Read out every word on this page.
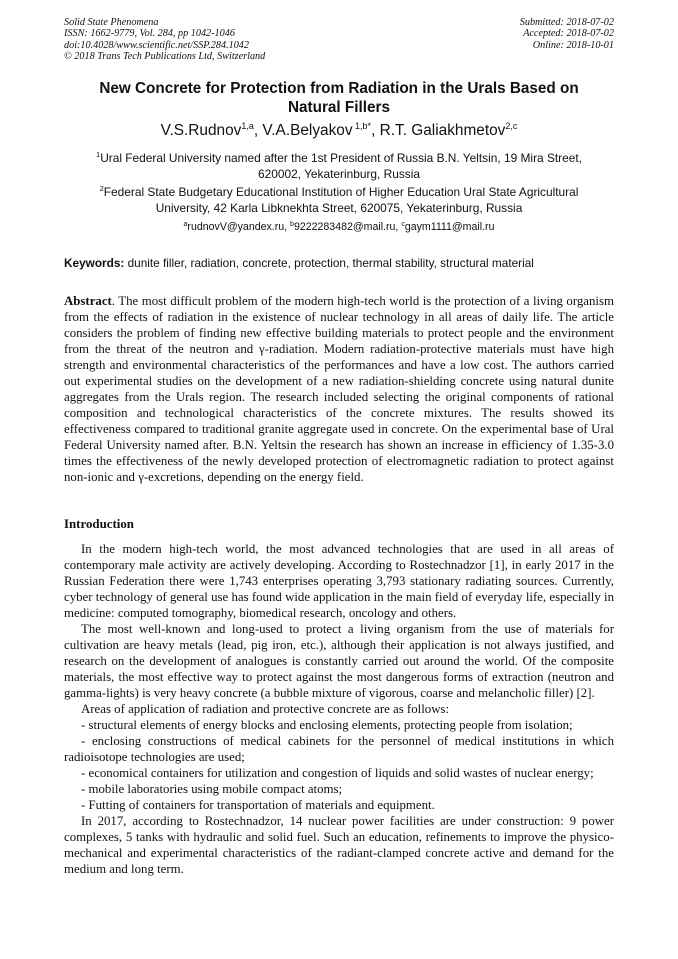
Solid State Phenomena
ISSN: 1662-9779, Vol. 284, pp 1042-1046
doi:10.4028/www.scientific.net/SSP.284.1042
© 2018 Trans Tech Publications Ltd, Switzerland
Submitted: 2018-07-02
Accepted: 2018-07-02
Online: 2018-10-01
New Concrete for Protection from Radiation in the Urals Based on
Natural Fillers
V.S.Rudnov$^{1,a}$, V.A.Belyakov $^{1,b*}$, R.T. Galiakhmetov$^{2,c}$
$^1$Ural Federal University named after the 1st President of Russia B.N. Yeltsin, 19 Mira Street,
620002, Yekaterinburg, Russia
$^2$Federal State Budgetary Educational Institution of Higher Education Ural State Agricultural
University, 42 Karla Libknekhta Street, 620075, Yekaterinburg, Russia
$^a$rudnovV@yandex.ru, $^b$9222283482@mail.ru, $^c$gaym1111@mail.ru
Keywords: dunite filler, radiation, concrete, protection, thermal stability, structural material
Abstract. The most difficult problem of the modern high-tech world is the protection of a living organism from the effects of radiation in the existence of nuclear technology in all areas of daily life. The article considers the problem of finding new effective building materials to protect people and the environment from the threat of the neutron and γ-radiation. Modern radiation-protective materials must have high strength and environmental characteristics of the performances and have a low cost. The authors carried out experimental studies on the development of a new radiation-shielding concrete using natural dunite aggregates from the Urals region. The research included selecting the original components of rational composition and technological characteristics of the concrete mixtures. The results showed its effectiveness compared to traditional granite aggregate used in concrete. On the experimental base of Ural Federal University named after. B.N. Yeltsin the research has shown an increase in efficiency of 1.35-3.0 times the effectiveness of the newly developed protection of electromagnetic radiation to protect against non-ionic and γ-excretions, depending on the energy field.
Introduction

In the modern high-tech world, the most advanced technologies that are used in all areas of contemporary male activity are actively developing. According to Rostechnadzor [1], in early 2017 in the Russian Federation there were 1,743 enterprises operating 3,793 stationary radiating sources. Currently, cyber technology of general use has found wide application in the main field of everyday life, especially in medicine: computed tomography, biomedical research, oncology and others.

The most well-known and long-used to protect a living organism from the use of materials for cultivation are heavy metals (lead, pig iron, etc.), although their application is not always justified, and research on the development of analogues is constantly carried out around the world. Of the composite materials, the most effective way to protect against the most dangerous forms of extraction (neutron and gamma-lights) is very heavy concrete (a bubble mixture of vigorous, coarse and melancholic filler) [2].

Areas of application of radiation and protective concrete are as follows:

- structural elements of energy blocks and enclosing elements, protecting people from isolation;

- enclosing constructions of medical cabinets for the personnel of medical institutions in which radioisotope technologies are used;

- economical containers for utilization and congestion of liquids and solid wastes of nuclear energy;

- mobile laboratories using mobile compact atoms;

- Futting of containers for transportation of materials and equipment.

In 2017, according to Rostechnadzor, 14 nuclear power facilities are under construction: 9 power complexes, 5 tanks with hydraulic and solid fuel. Such an education, refinements to improve the physico-mechanical and experimental characteristics of the radiant-clamped concrete active and demand for the medium and long term.
